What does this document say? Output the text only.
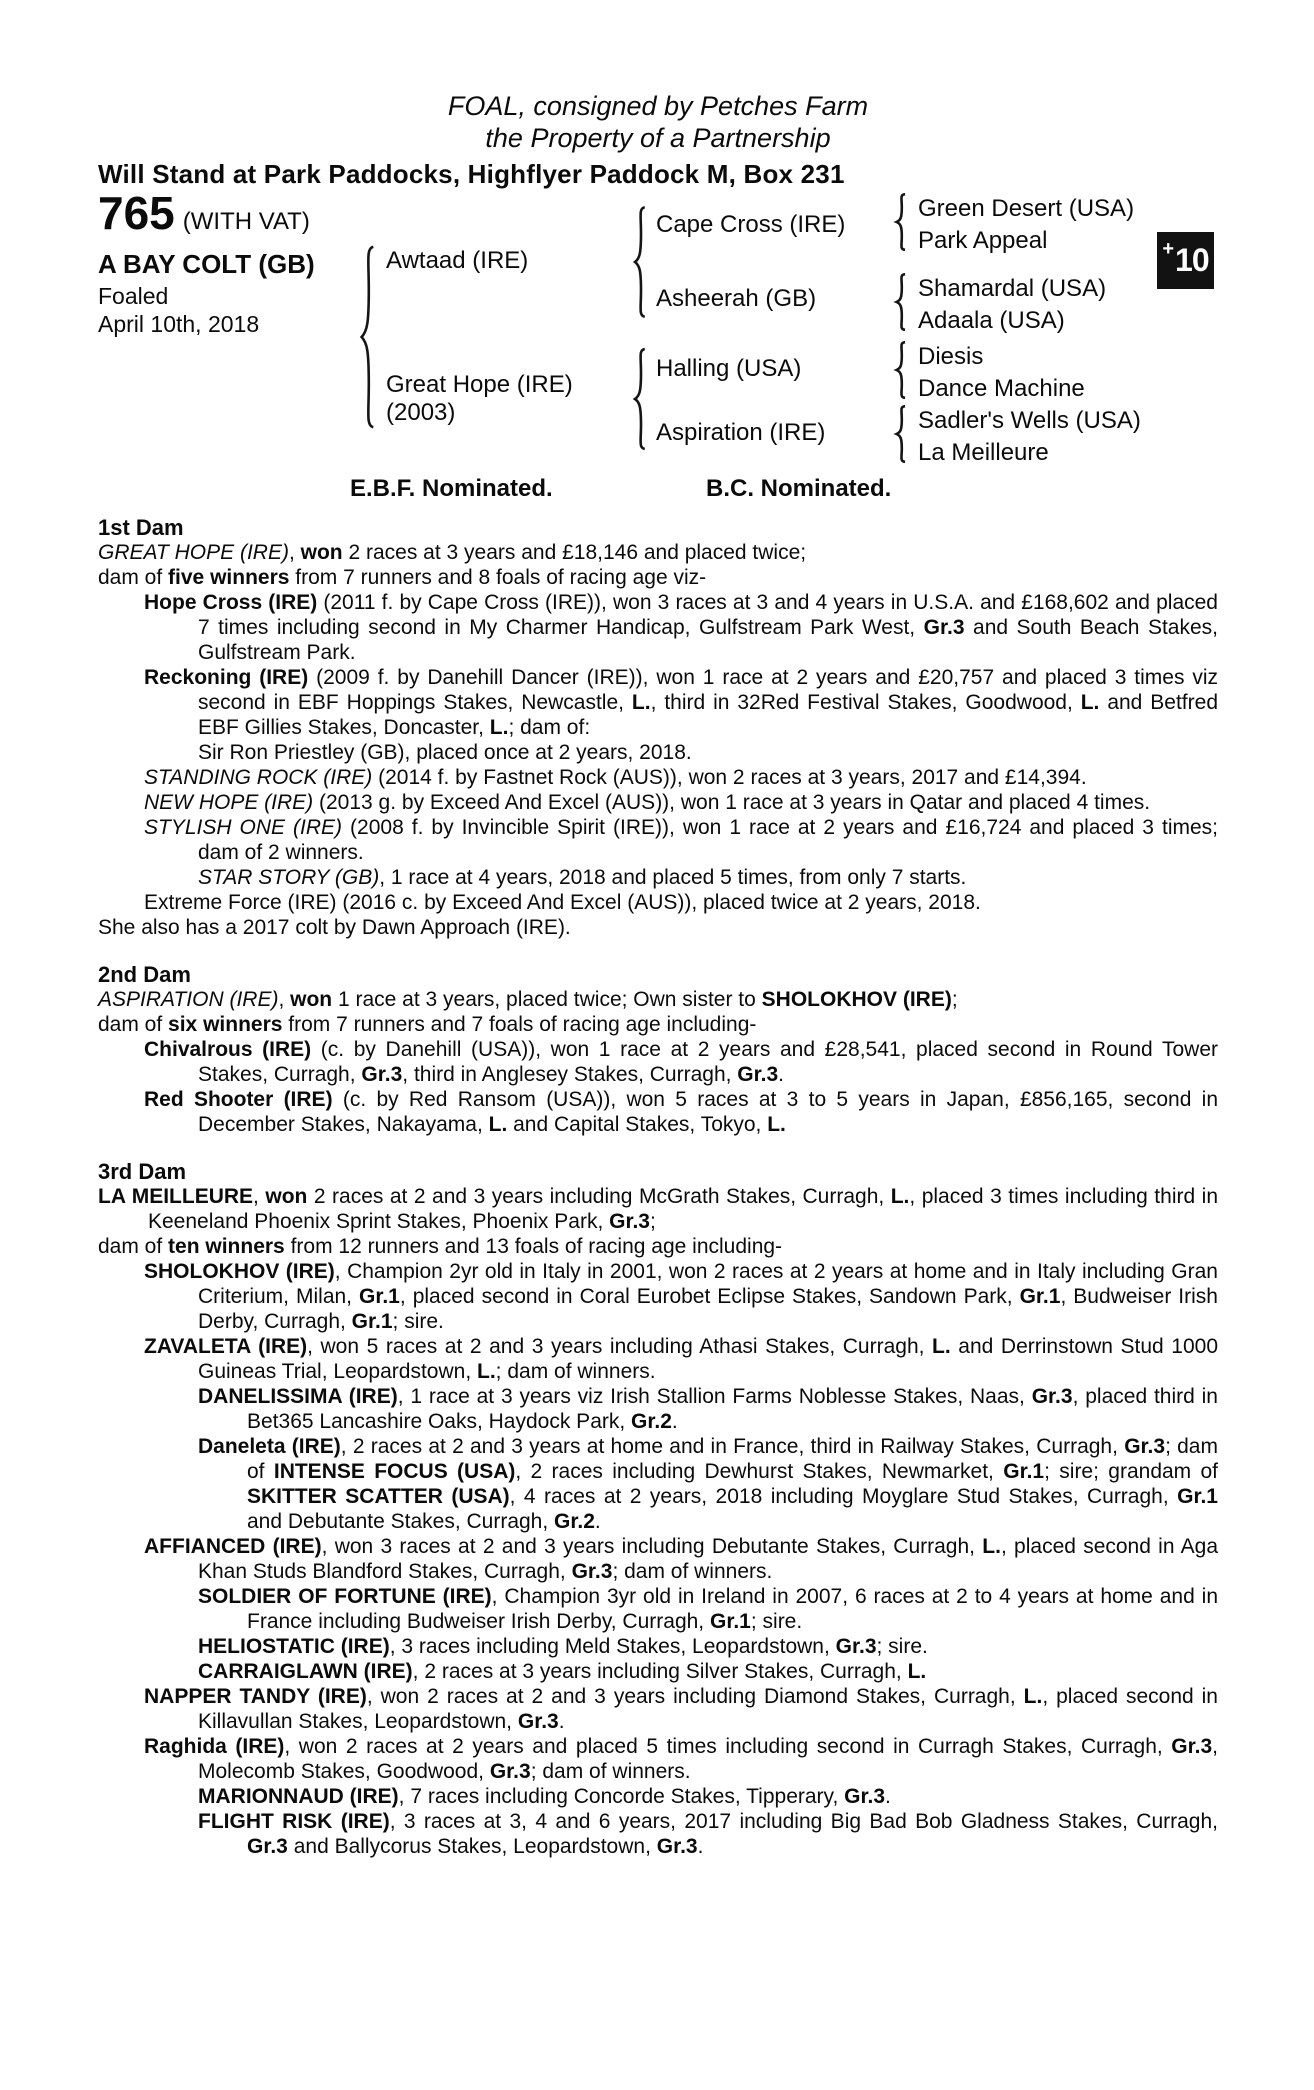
+ 10
FOAL, consigned by Petches Farm
the Property of a Partnership
Will Stand at Park Paddocks, Highflyer Paddock M, Box 231
765 (WITH VAT)
A BAY COLT (GB)
Foaled
April 10th, 2018
Awtaad (IRE)
Great Hope (IRE)
(2003)
Cape Cross (IRE)
Asheerah (GB)
Halling (USA)
Aspiration (IRE)
Green Desert (USA)
Park Appeal
Shamardal (USA)
Adaala (USA)
Diesis
Dance Machine
Sadler's Wells (USA)
La Meilleure
E.B.F. Nominated.	B.C. Nominated.
1st Dam

GREAT HOPE (IRE), won 2 races at 3 years and £18,146 and placed twice;

dam of five winners from 7 runners and 8 foals of racing age viz-

Hope Cross (IRE) (2011 f. by Cape Cross (IRE)), won 3 races at 3 and 4 years in U.S.A. and £168,602 and placed 7 times including second in My Charmer Handicap, Gulfstream Park West, Gr.3 and South Beach Stakes, Gulfstream Park.

Reckoning (IRE) (2009 f. by Danehill Dancer (IRE)), won 1 race at 2 years and £20,757 and placed 3 times viz second in EBF Hoppings Stakes, Newcastle, L., third in 32Red Festival Stakes, Goodwood, L. and Betfred EBF Gillies Stakes, Doncaster, L.; dam of:

Sir Ron Priestley (GB), placed once at 2 years, 2018.

STANDING ROCK (IRE) (2014 f. by Fastnet Rock (AUS)), won 2 races at 3 years, 2017 and £14,394.

NEW HOPE (IRE) (2013 g. by Exceed And Excel (AUS)), won 1 race at 3 years in Qatar and placed 4 times.

STYLISH ONE (IRE) (2008 f. by Invincible Spirit (IRE)), won 1 race at 2 years and £16,724 and placed 3 times; dam of 2 winners.

STAR STORY (GB), 1 race at 4 years, 2018 and placed 5 times, from only 7 starts.

Extreme Force (IRE) (2016 c. by Exceed And Excel (AUS)), placed twice at 2 years, 2018.

She also has a 2017 colt by Dawn Approach (IRE).

2nd Dam

ASPIRATION (IRE), won 1 race at 3 years, placed twice; Own sister to SHOLOKHOV (IRE);

dam of six winners from 7 runners and 7 foals of racing age including-

Chivalrous (IRE) (c. by Danehill (USA)), won 1 race at 2 years and £28,541, placed second in Round Tower Stakes, Curragh, Gr.3, third in Anglesey Stakes, Curragh, Gr.3.

Red Shooter (IRE) (c. by Red Ransom (USA)), won 5 races at 3 to 5 years in Japan, £856,165, second in December Stakes, Nakayama, L. and Capital Stakes, Tokyo, L.

3rd Dam

LA MEILLEURE, won 2 races at 2 and 3 years including McGrath Stakes, Curragh, L., placed 3 times including third in Keeneland Phoenix Sprint Stakes, Phoenix Park, Gr.3;

dam of ten winners from 12 runners and 13 foals of racing age including-

SHOLOKHOV (IRE), Champion 2yr old in Italy in 2001, won 2 races at 2 years at home and in Italy including Gran Criterium, Milan, Gr.1, placed second in Coral Eurobet Eclipse Stakes, Sandown Park, Gr.1, Budweiser Irish Derby, Curragh, Gr.1; sire.

ZAVALETA (IRE), won 5 races at 2 and 3 years including Athasi Stakes, Curragh, L. and Derrinstown Stud 1000 Guineas Trial, Leopardstown, L.; dam of winners.

DANELISSIMA (IRE), 1 race at 3 years viz Irish Stallion Farms Noblesse Stakes, Naas, Gr.3, placed third in Bet365 Lancashire Oaks, Haydock Park, Gr.2.

Daneleta (IRE), 2 races at 2 and 3 years at home and in France, third in Railway Stakes, Curragh, Gr.3; dam of INTENSE FOCUS (USA), 2 races including Dewhurst Stakes, Newmarket, Gr.1; sire; grandam of SKITTER SCATTER (USA), 4 races at 2 years, 2018 including Moyglare Stud Stakes, Curragh, Gr.1 and Debutante Stakes, Curragh, Gr.2.

AFFIANCED (IRE), won 3 races at 2 and 3 years including Debutante Stakes, Curragh, L., placed second in Aga Khan Studs Blandford Stakes, Curragh, Gr.3; dam of winners.

SOLDIER OF FORTUNE (IRE), Champion 3yr old in Ireland in 2007, 6 races at 2 to 4 years at home and in France including Budweiser Irish Derby, Curragh, Gr.1; sire.

HELIOSTATIC (IRE), 3 races including Meld Stakes, Leopardstown, Gr.3; sire.

CARRAIGLAWN (IRE), 2 races at 3 years including Silver Stakes, Curragh, L.

NAPPER TANDY (IRE), won 2 races at 2 and 3 years including Diamond Stakes, Curragh, L., placed second in Killavullan Stakes, Leopardstown, Gr.3.

Raghida (IRE), won 2 races at 2 years and placed 5 times including second in Curragh Stakes, Curragh, Gr.3, Molecomb Stakes, Goodwood, Gr.3; dam of winners.

MARIONNAUD (IRE), 7 races including Concorde Stakes, Tipperary, Gr.3.

FLIGHT RISK (IRE), 3 races at 3, 4 and 6 years, 2017 including Big Bad Bob Gladness Stakes, Curragh, Gr.3 and Ballycorus Stakes, Leopardstown, Gr.3.
